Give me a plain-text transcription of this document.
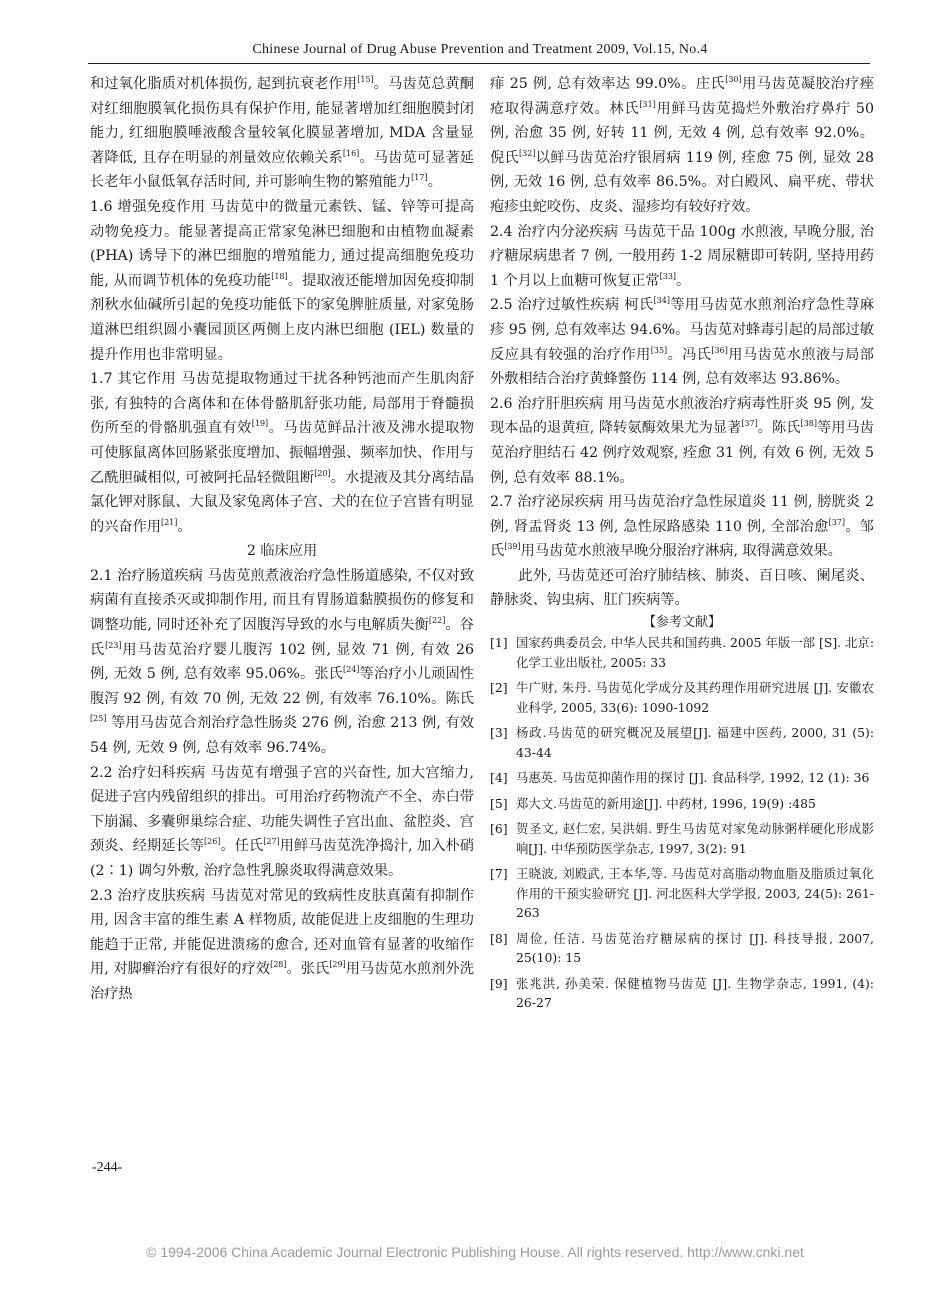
Chinese Journal of Drug Abuse Prevention and Treatment 2009, Vol.15, No.4

和过氧化脂质对机体损伤, 起到抗衰老作用[15]。马齿苋总黄酮对红细胞膜氧化损伤具有保护作用, 能显著增加红细胞膜封闭能力, 红细胞膜唾液酸含量较氧化膜显著增加, MDA 含量显著降低, 且存在明显的剂量效应依赖关系[16]。马齿苋可显著延长老年小鼠低氧存活时间, 并可影响生物的繁殖能力[17]。

1.6 增强免疫作用 马齿苋中的微量元素铁、锰、锌等可提高动物免疫力。能显著提高正常家兔淋巴细胞和由植物血凝素 (PHA) 诱导下的淋巴细胞的增殖能力, 通过提高细胞免疫功能, 从而调节机体的免疫功能[18]。提取液还能增加因免疫抑制剂秋水仙碱所引起的免疫功能低下的家兔脾脏质量, 对家兔肠道淋巴组织圆小囊园顶区两侧上皮内淋巴细胞 (IEL) 数量的提升作用也非常明显。

1.7 其它作用 马齿苋提取物通过干扰各种钙池而产生肌肉舒张, 有独特的合离体和在体骨骼肌舒张功能, 局部用于脊髓损伤所至的骨骼肌强直有效[19]。马齿苋鲜品汁液及沸水提取物可使豚鼠离体回肠紧张度增加、振幅增强、频率加快、作用与乙酰胆碱相似, 可被阿托品轻微阻断[20]。水提液及其分离结晶氯化钾对豚鼠、大鼠及家兔离体子宫、犬的在位子宫皆有明显的兴奋作用[21]。

2 临床应用

2.1 治疗肠道疾病 马齿苋煎煮液治疗急性肠道感染, 不仅对致病菌有直接杀灭或抑制作用, 而且有胃肠道黏膜损伤的修复和调整功能, 同时还补充了因腹泻导致的水与电解质失衡[22]。谷氏[23]用马齿苋治疗婴儿腹泻 102 例, 显效 71 例, 有效 26 例, 无效 5 例, 总有效率 95.06%。张氏[24]等治疗小儿顽固性腹泻 92 例, 有效 70 例, 无效 22 例, 有效率 76.10%。陈氏 [25] 等用马齿苋合剂治疗急性肠炎 276 例, 治愈 213 例, 有效 54 例, 无效 9 例, 总有效率 96.74%。

2.2 治疗妇科疾病 马齿苋有增强子宫的兴奋性, 加大宫缩力, 促进子宫内残留组织的排出。可用治疗药物流产不全、赤白带下崩漏、多囊卵巢综合症、功能失调性子宫出血、盆腔炎、宫颈炎、经期延长等[26]。任氏[27]用鲜马齿苋洗净捣汁, 加入朴硝 (2∶1) 调匀外敷, 治疗急性乳腺炎取得满意效果。

2.3 治疗皮肤疾病 马齿苋对常见的致病性皮肤真菌有抑制作用, 因含丰富的维生素 A 样物质, 故能促进上皮细胞的生理功能趋于正常, 并能促进溃疡的愈合, 还对血管有显著的收缩作用, 对脚癣治疗有很好的疗效[28]。张氏[29]用马齿苋水煎剂外洗治疗热

痱 25 例, 总有效率达 99.0%。庄氏[30]用马齿苋凝胶治疗痤疮取得满意疗效。林氏[31]用鲜马齿苋捣烂外敷治疗鼻疔 50 例, 治愈 35 例, 好转 11 例, 无效 4 例, 总有效率 92.0%。倪氏[32]以鲜马齿苋治疗银屑病 119 例, 痊愈 75 例, 显效 28 例, 无效 16 例, 总有效率 86.5%。对白殿风、扁平疣、带状疱疹虫蛇咬伤、皮炎、湿疹均有较好疗效。

2.4 治疗内分泌疾病 马齿苋干品 100g 水煎液, 早晚分服, 治疗糖尿病患者 7 例, 一般用药 1-2 周尿糖即可转阴, 坚持用药 1 个月以上血糖可恢复正常[33]。

2.5 治疗过敏性疾病 柯氏[34]等用马齿苋水煎剂治疗急性荨麻疹 95 例, 总有效率达 94.6%。马齿苋对蜂毒引起的局部过敏反应具有较强的治疗作用[35]。冯氏[36]用马齿苋水煎液与局部外敷相结合治疗黄蜂螫伤 114 例, 总有效率达 93.86%。

2.6 治疗肝胆疾病 用马齿苋水煎液治疗病毒性肝炎 95 例, 发现本品的退黄疸, 降转氨酶效果尤为显著[37]。陈氏[38]等用马齿苋治疗胆结石 42 例疗效观察, 痊愈 31 例, 有效 6 例, 无效 5 例, 总有效率 88.1%。

2.7 治疗泌尿疾病 用马齿苋治疗急性尿道炎 11 例, 膀胱炎 2 例, 肾盂肾炎 13 例, 急性尿路感染 110 例, 全部治愈[37]。邹氏[39]用马齿苋水煎液早晚分服治疗淋病, 取得满意效果。

此外, 马齿苋还可治疗肺结核、肺炎、百日咳、阑尾炎、静脉炎、钩虫病、肛门疾病等。

【参考文献】

[1] 国家药典委员会, 中华人民共和国药典. 2005 年版一部 [S]. 北京: 化学工业出版社, 2005: 33
[2] 牛广财, 朱丹. 马齿苋化学成分及其药理作用研究进展 [J]. 安徽农业科学, 2005, 33(6): 1090-1092
[3] 杨政.马齿苋的研究概况及展望[J]. 福建中医药, 2000, 31 (5): 43-44
[4] 马惠英. 马齿苋抑菌作用的探讨 [J]. 食品科学, 1992, 12 (1): 36
[5] 郑大文.马齿苋的新用途[J]. 中药材, 1996, 19(9) :485
[6] 贺圣文, 赵仁宏, 吴洪娟. 野生马齿苋对家兔动脉粥样硬化形成影响[J]. 中华预防医学杂志, 1997, 3(2): 91
[7] 王晓波, 刘殿武, 王本华,等. 马齿苋对高脂动物血脂及脂质过氧化作用的干预实验研究 [J]. 河北医科大学学报, 2003, 24(5): 261-263
[8] 周俭, 任洁. 马齿苋治疗糖尿病的探讨 [J]. 科技导报, 2007, 25(10): 15
[9] 张兆洪, 孙美荣. 保健植物马齿苋 [J]. 生物学杂志, 1991, (4): 26-27
-244-
© 1994-2006 China Academic Journal Electronic Publishing House. All rights reserved. http://www.cnki.net
